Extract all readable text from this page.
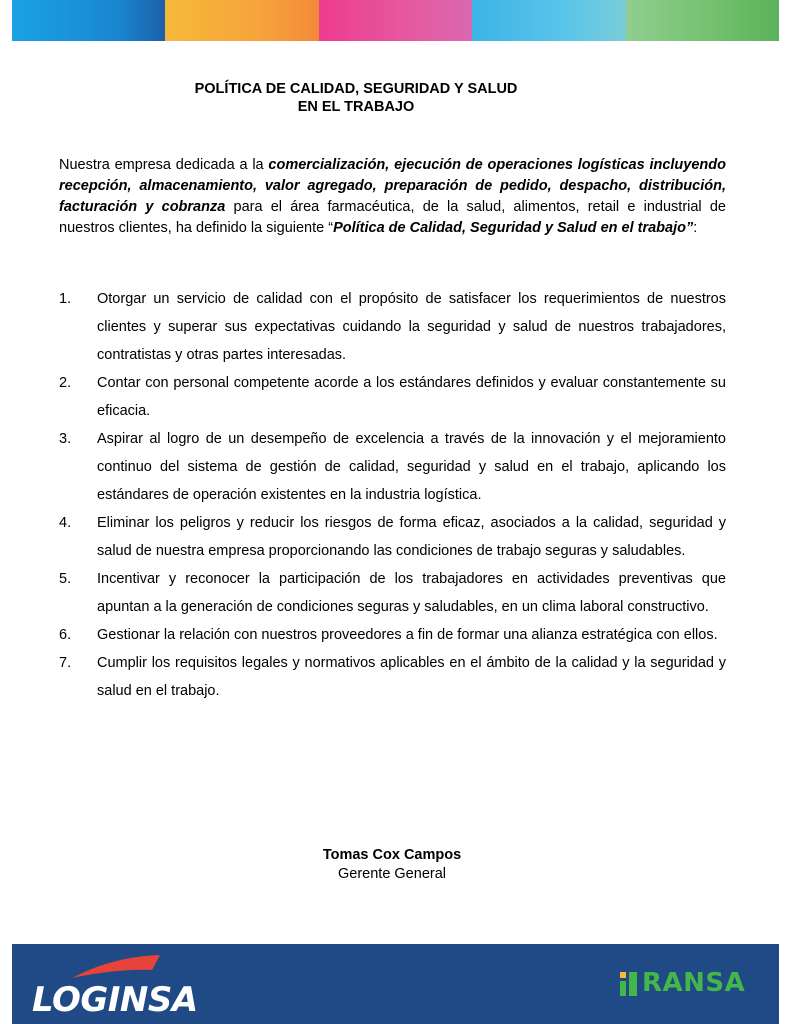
POLÍTICA DE CALIDAD, SEGURIDAD Y SALUD
EN EL TRABAJO

Nuestra empresa dedicada a la comercialización, ejecución de operaciones logísticas incluyendo recepción, almacenamiento, valor agregado, preparación de pedido, despacho, distribución, facturación y cobranza para el área farmacéutica, de la salud, alimentos, retail e industrial de nuestros clientes, ha definido la siguiente “Política de Calidad, Seguridad y Salud en el trabajo”:

1.	Otorgar un servicio de calidad con el propósito de satisfacer los requerimientos de nuestros clientes y superar sus expectativas cuidando la seguridad y salud de nuestros trabajadores, contratistas y otras partes interesadas.
2.	Contar con personal competente acorde a los estándares definidos y evaluar constantemente su eficacia.
3.	Aspirar al logro de un desempeño de excelencia a través de la innovación y el mejoramiento continuo del sistema de gestión de calidad, seguridad y salud en el trabajo, aplicando los estándares de operación existentes en la industria logística.
4.	Eliminar los peligros y reducir los riesgos de forma eficaz, asociados a la calidad, seguridad y salud de nuestra empresa proporcionando las condiciones de trabajo seguras y saludables.
5.	Incentivar y reconocer la participación de los trabajadores en actividades preventivas que apuntan a la generación de condiciones seguras y saludables, en un clima laboral constructivo.
6.	Gestionar la relación con nuestros proveedores a fin de formar una alianza estratégica con ellos.
7.	Cumplir los requisitos legales y normativos aplicables en el ámbito de la calidad y la seguridad y salud en el trabajo.
Tomas Cox Campos
Gerente General
LOGINSA	RANSA
